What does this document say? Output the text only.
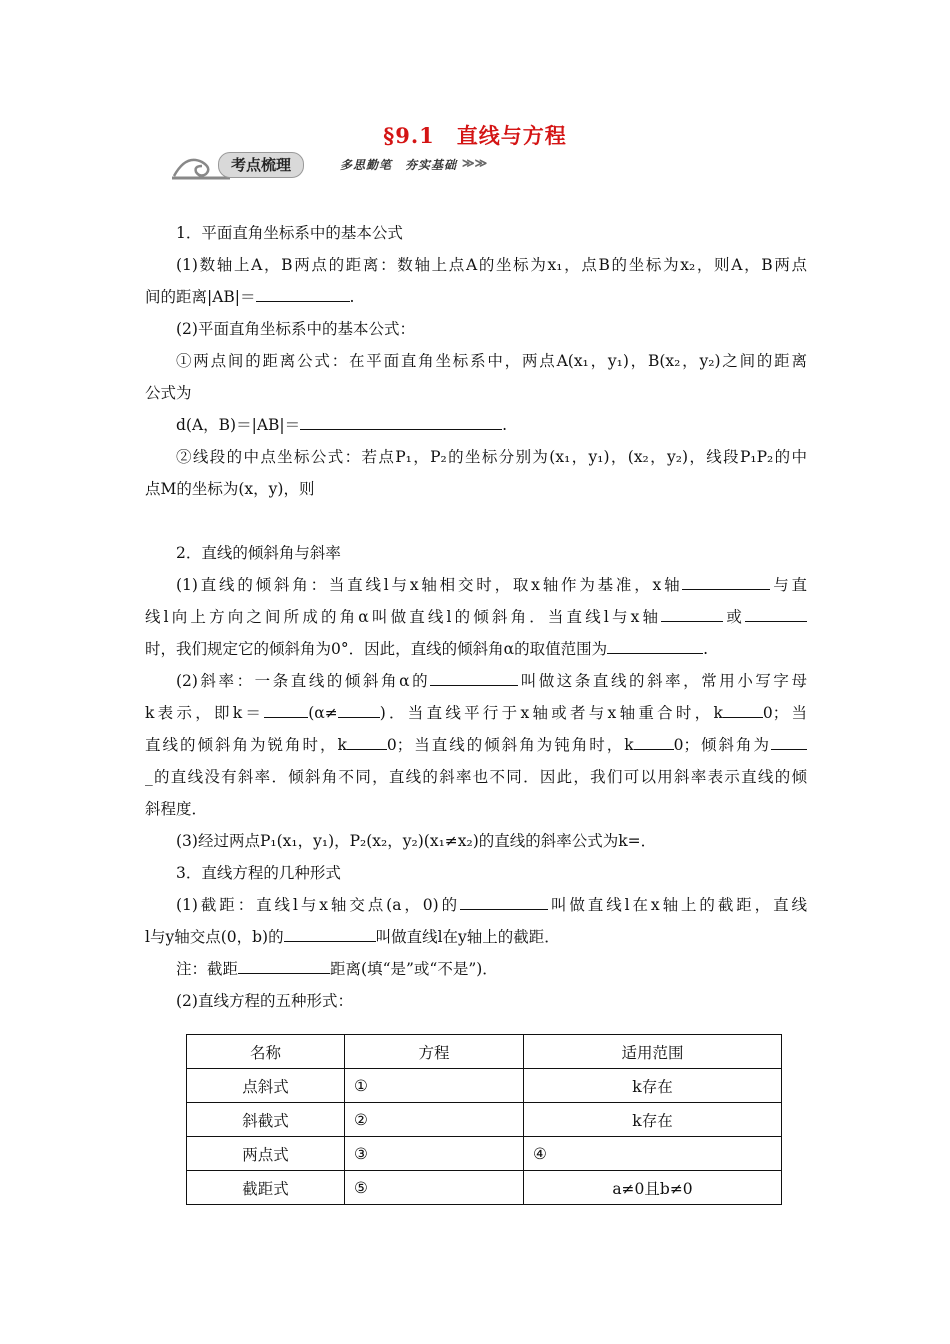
§9.1 直线与方程
考点梳理	多思勤笔　夯实基础 ≫≫
1．平面直角坐标系中的基本公式
(1)数轴上A，B两点的距离：数轴上点A的坐标为x₁，点B的坐标为x₂，则A，B两点
间的距离|AB|＝	.
(2)平面直角坐标系中的基本公式：
①两点间的距离公式：在平面直角坐标系中，两点A(x₁，y₁)，B(x₂，y₂)之间的距离
公式为
d(A，B)＝|AB|＝	.
②线段的中点坐标公式：若点P₁，P₂的坐标分别为(x₁，y₁)，(x₂，y₂)，线段P₁P₂的中
点M的坐标为(x，y)，则
2．直线的倾斜角与斜率
(1)直线的倾斜角：当直线l与x轴相交时，取x轴作为基准，x轴	与直
线l向上方向之间所成的角α叫做直线l的倾斜角．当直线l与x轴	或
时，我们规定它的倾斜角为0°．因此，直线的倾斜角α的取值范围为	.
(2)斜率：一条直线的倾斜角α的	叫做这条直线的斜率，常用小写字母
k表示，即k＝	(α≠	)．当直线平行于x轴或者与x轴重合时，k	0；当
直线的倾斜角为锐角时，k	0；当直线的倾斜角为钝角时，k	0；倾斜角为
_的直线没有斜率．倾斜角不同，直线的斜率也不同．因此，我们可以用斜率表示直线的倾
斜程度．
(3)经过两点P₁(x₁，y₁)，P₂(x₂，y₂)(x₁≠x₂)的直线的斜率公式为k=．
3．直线方程的几种形式
(1)截距：直线l与x轴交点(a，0)的	叫做直线l在x轴上的截距，直线
l与y轴交点(0，b)的	叫做直线l在y轴上的截距．
注：截距	距离(填“是”或“不是”)．
(2)直线方程的五种形式：
名称	方程	适用范围
点斜式	①	k存在
斜截式	②	k存在
两点式	③	④
截距式	⑤	a≠0且b≠0
